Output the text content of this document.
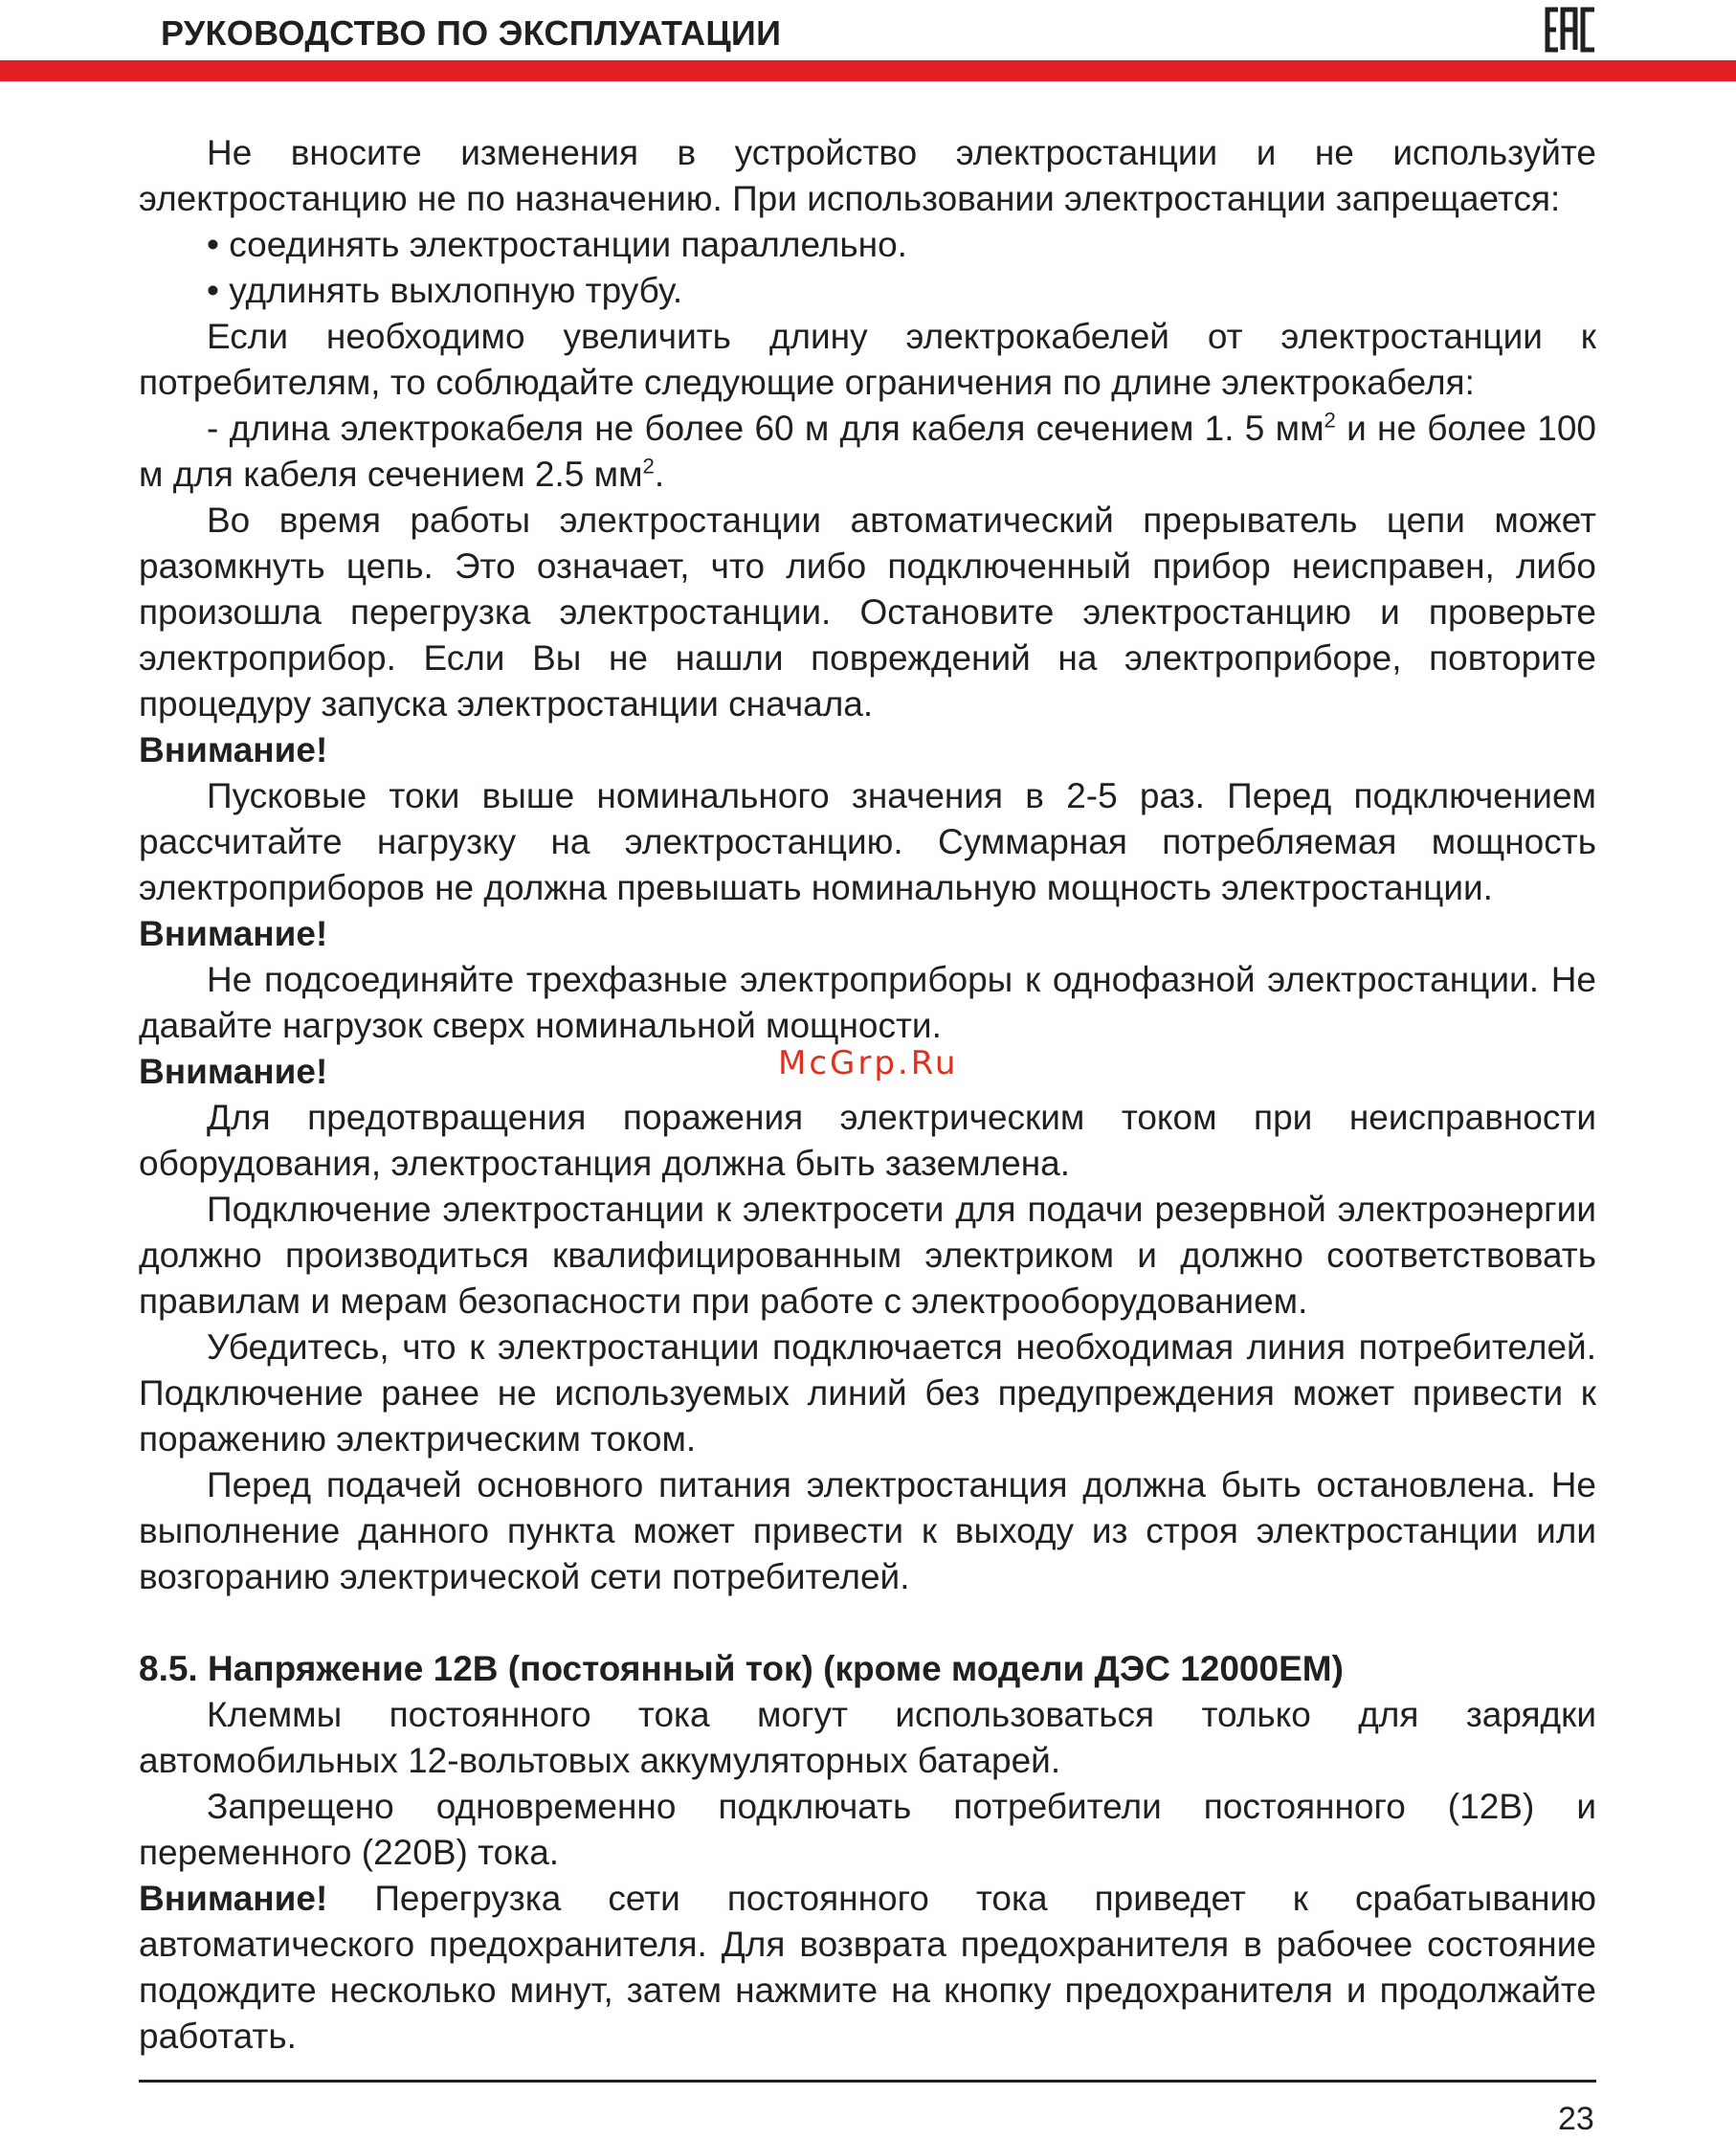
РУКОВОДСТВО ПО ЭКСПЛУАТАЦИИ

Не вносите изменения в устройство электростанции и не используйте электростанцию не по назначению. При использовании электростанции запрещается:

• соединять электростанции параллельно.

• удлинять выхлопную трубу.

Если необходимо увеличить длину электрокабелей от электростанции к потребителям, то соблюдайте следующие ограничения по длине электрокабеля:

- длина электрокабеля не более 60 м для кабеля сечением 1. 5 $мм^2$ и не более 100 м для кабеля сечением 2.5 $мм^2$.

Во время работы электростанции автоматический прерыватель цепи может разомкнуть цепь. Это означает, что либо подключенный прибор неисправен, либо произошла перегрузка электростанции. Остановите электростанцию и проверьте электроприбор. Если Вы не нашли повреждений на электроприборе, повторите процедуру запуска электростанции сначала.

Внимание!

Пусковые токи выше номинального значения в 2-5 раз. Перед подключением рассчитайте нагрузку на электростанцию. Суммарная потребляемая мощность электроприборов не должна превышать номинальную мощность электростанции.

Внимание!

Не подсоединяйте трехфазные электроприборы к однофазной электростанции. Не давайте нагрузок сверх номинальной мощности.

Внимание!

Для предотвращения поражения электрическим током при неисправности оборудования, электростанция должна быть заземлена.

Подключение электростанции к электросети для подачи резервной электроэнергии должно производиться квалифицированным электриком и должно соответствовать правилам и мерам безопасности при работе с электрооборудованием.

Убедитесь, что к электростанции подключается необходимая линия потребителей. Подключение ранее не используемых линий без предупреждения может привести к поражению электрическим током.

Перед подачей основного питания электростанция должна быть остановлена. Не выполнение данного пункта может привести к выходу из строя электростанции или возгоранию электрической сети потребителей.

8.5. Напряжение 12В (постоянный ток) (кроме модели ДЭС 12000ЕМ)

Клеммы постоянного тока могут использоваться только для зарядки автомобильных 12-вольтовых аккумуляторных батарей.

Запрещено одновременно подключать потребители постоянного (12В) и переменного (220В) тока.

Внимание! Перегрузка сети постоянного тока приведет к срабатыванию автоматического предохранителя. Для возврата предохранителя в рабочее состояние подождите несколько минут, затем нажмите на кнопку предохранителя и продолжайте работать.

McGrp.Ru
23
